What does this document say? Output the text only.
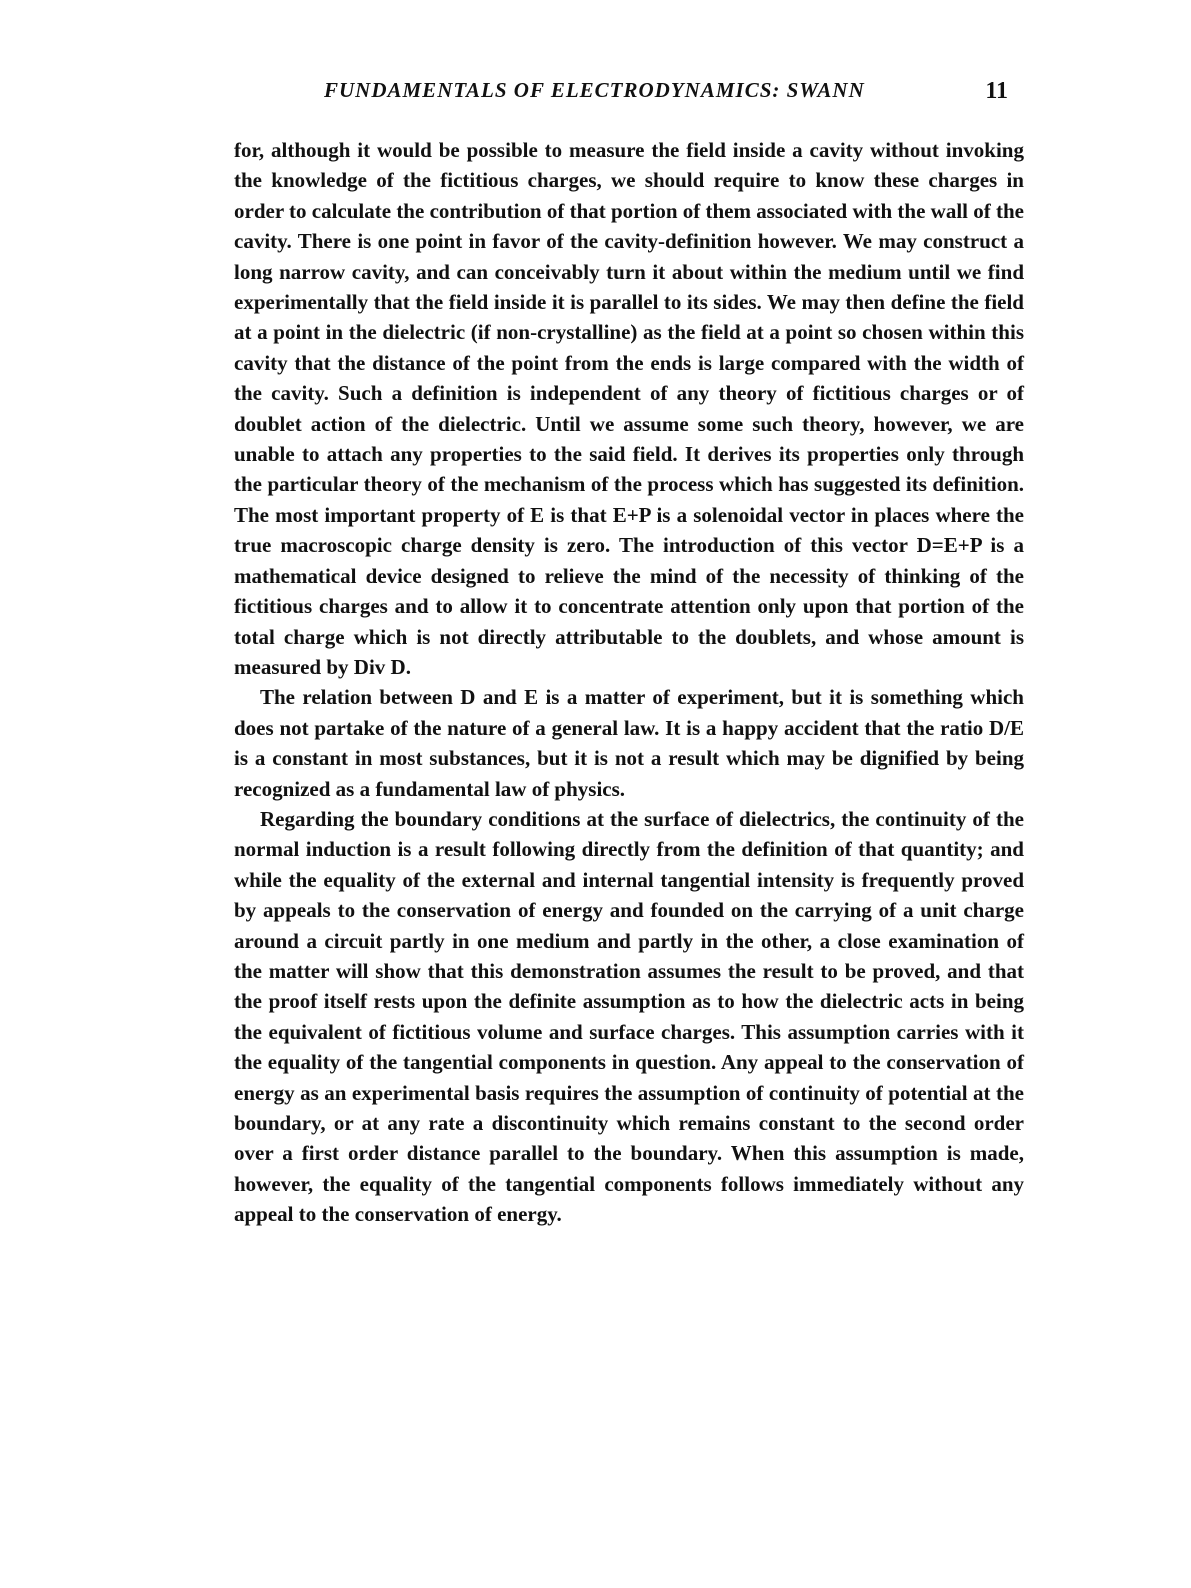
FUNDAMENTALS OF ELECTRODYNAMICS: SWANN	11

for, although it would be possible to measure the field inside a cavity without invoking the knowledge of the fictitious charges, we should require to know these charges in order to calculate the contribution of that portion of them associated with the wall of the cavity. There is one point in favor of the cavity-definition however. We may construct a long narrow cavity, and can conceivably turn it about within the medium until we find experimentally that the field inside it is parallel to its sides. We may then define the field at a point in the dielectric (if non-crystalline) as the field at a point so chosen within this cavity that the distance of the point from the ends is large compared with the width of the cavity. Such a definition is independent of any theory of fictitious charges or of doublet action of the dielectric. Until we assume some such theory, however, we are unable to attach any properties to the said field. It derives its properties only through the particular theory of the mechanism of the process which has suggested its definition. The most important property of E is that E+P is a solenoidal vector in places where the true macroscopic charge density is zero. The introduction of this vector D=E+P is a mathematical device designed to relieve the mind of the necessity of thinking of the fictitious charges and to allow it to concentrate attention only upon that portion of the total charge which is not directly attributable to the doublets, and whose amount is measured by Div D.

The relation between D and E is a matter of experiment, but it is something which does not partake of the nature of a general law. It is a happy accident that the ratio D/E is a constant in most substances, but it is not a result which may be dignified by being recognized as a fundamental law of physics.

Regarding the boundary conditions at the surface of dielectrics, the continuity of the normal induction is a result following directly from the definition of that quantity; and while the equality of the external and internal tangential intensity is frequently proved by appeals to the conservation of energy and founded on the carrying of a unit charge around a circuit partly in one medium and partly in the other, a close examination of the matter will show that this demonstration assumes the result to be proved, and that the proof itself rests upon the definite assumption as to how the dielectric acts in being the equivalent of fictitious volume and surface charges. This assumption carries with it the equality of the tangential components in question. Any appeal to the conservation of energy as an experimental basis requires the assumption of continuity of potential at the boundary, or at any rate a discontinuity which remains constant to the second order over a first order distance parallel to the boundary. When this assumption is made, however, the equality of the tangential components follows immediately without any appeal to the conservation of energy.
